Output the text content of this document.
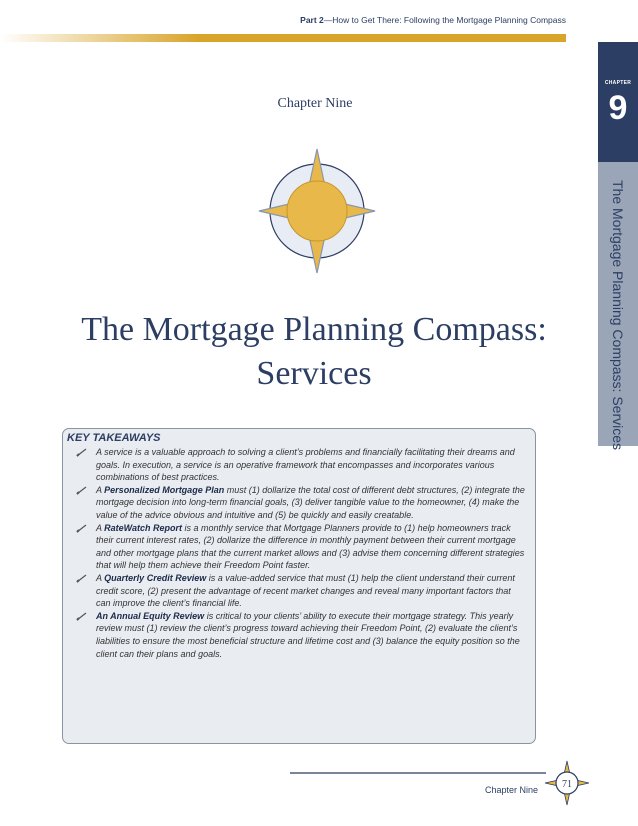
Part 2—How to Get There: Following the Mortgage Planning Compass
CHAPTER
9
The Mortgage Planning Compass: Services
Chapter Nine
The Mortgage Planning Compass:
Services
KEY TAKEAWAYS
A service is a valuable approach to solving a client’s problems and financially facilitating their dreams and goals. In execution, a service is an operative framework that encompasses and incorporates various combinations of best practices.
A Personalized Mortgage Plan must (1) dollarize the total cost of different debt structures, (2) integrate the mortgage decision into long-term financial goals, (3) deliver tangible value to the homeowner, (4) make the value of the advice obvious and intuitive and (5) be quickly and easily creatable.
A RateWatch Report is a monthly service that Mortgage Planners provide to (1) help homeowners track their current interest rates, (2) dollarize the difference in monthly payment between their current mortgage and other mortgage plans that the current market allows and (3) advise them concerning different strategies that will help them achieve their Freedom Point faster.
A Quarterly Credit Review is a value-added service that must (1) help the client understand their current credit score, (2) present the advantage of recent market changes and reveal many important factors that can improve the client’s financial life.
An Annual Equity Review is critical to your clients’ ability to execute their mortgage strategy. This yearly review must (1) review the client’s progress toward achieving their Freedom Point, (2) evaluate the client’s liabilities to ensure the most beneficial structure and lifetime cost and (3) balance the equity position so the client can their plans and goals.
Chapter Nine 71
